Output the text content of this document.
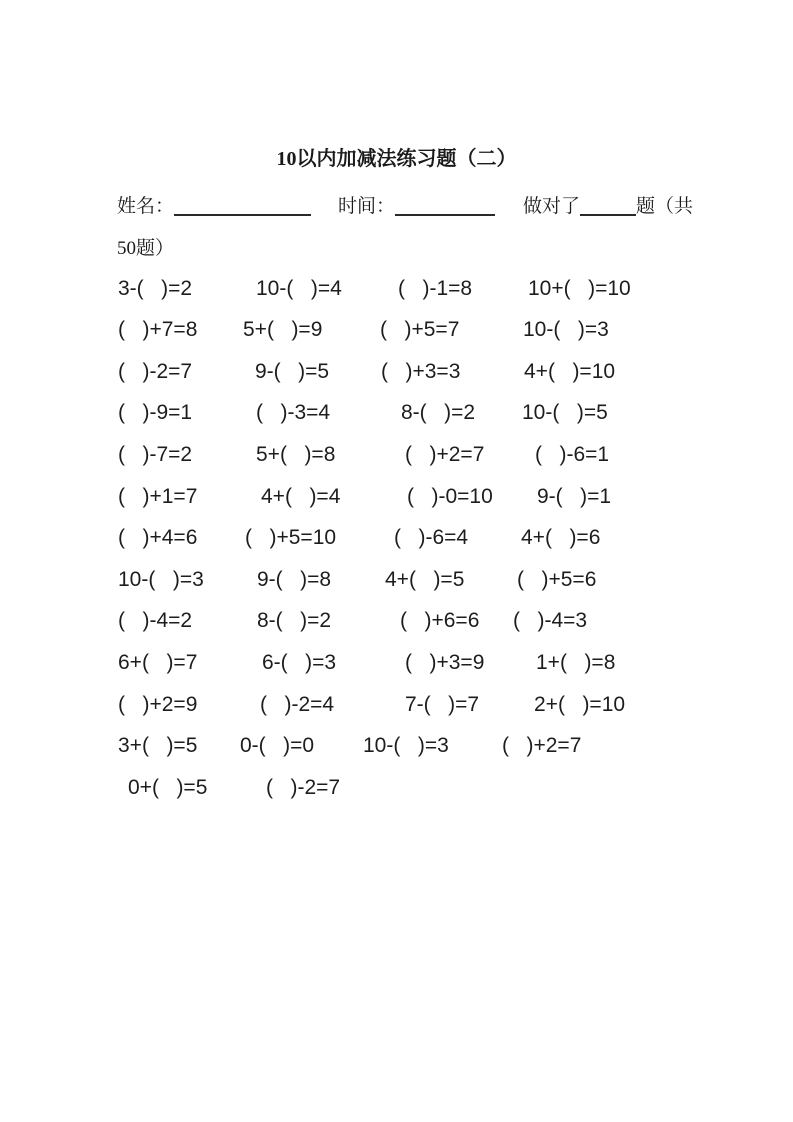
10以内加减法练习题（二）
姓名：	时间：	做对了	题（共
50题）
3-(   )=2	10-(   )=4	(   )-1=8	10+(   )=10
(   )+7=8 5+(   )=9	(   )+5=7	10-(   )=3
(   )-2=7	9-(   )=5 (   )+3=3	4+(   )=10
(   )-9=1	(   )-3=4	8-(   )=2 10-(   )=5
(   )-7=2	5+(   )=8	(   )+2=7 (   )-6=1
(   )+1=7	4+(   )=4	(   )-0=10 9-(   )=1
(   )+4=6 (   )+5=10	(   )-6=4	4+(   )=6
10-(   )=3	9-(   )=8	4+(   )=5	(   )+5=6
(   )-4=2	8-(   )=2	(   )+6=6 (   )-4=3
6+(   )=7	6-(   )=3	(   )+3=9 1+(   )=8
(   )+2=9	(   )-2=4	7-(   )=7	2+(   )=10
3+(   )=5 0-(   )=0 10-(   )=3	(   )+2=7
0+(   )=5	(   )-2=7
